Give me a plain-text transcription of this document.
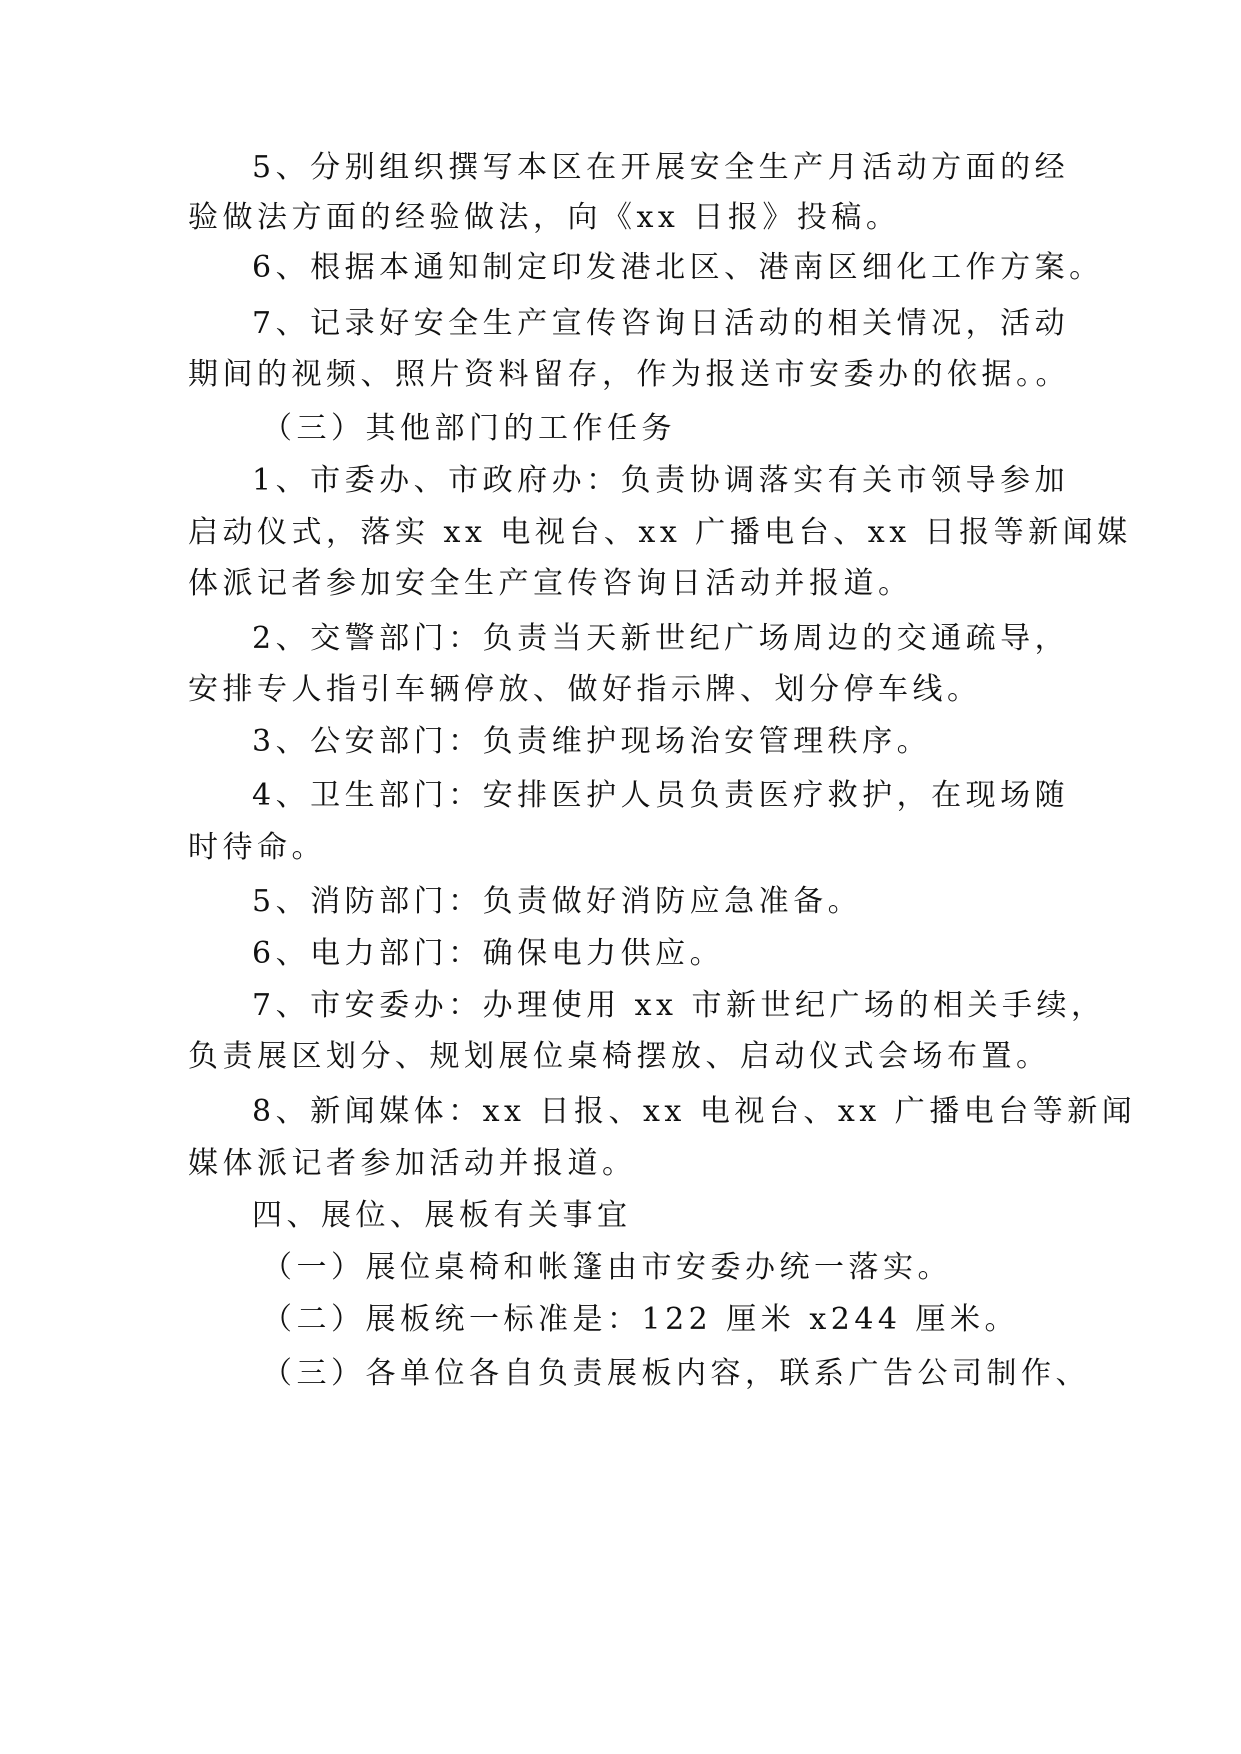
5、分别组织撰写本区在开展安全生产月活动方面的经
验做法方面的经验做法，向《xx 日报》投稿。
6、根据本通知制定印发港北区、港南区细化工作方案。
7、记录好安全生产宣传咨询日活动的相关情况，活动
期间的视频、照片资料留存，作为报送市安委办的依据。。
（三）其他部门的工作任务
1、市委办、市政府办：负责协调落实有关市领导参加
启动仪式，落实 xx 电视台、xx 广播电台、xx 日报等新闻媒
体派记者参加安全生产宣传咨询日活动并报道。
2、交警部门：负责当天新世纪广场周边的交通疏导，
安排专人指引车辆停放、做好指示牌、划分停车线。
3、公安部门：负责维护现场治安管理秩序。
4、卫生部门：安排医护人员负责医疗救护，在现场随
时待命。
5、消防部门：负责做好消防应急准备。
6、电力部门：确保电力供应。
7、市安委办：办理使用 xx 市新世纪广场的相关手续，
负责展区划分、规划展位桌椅摆放、启动仪式会场布置。
8、新闻媒体：xx 日报、xx 电视台、xx 广播电台等新闻
媒体派记者参加活动并报道。
四、展位、展板有关事宜
（一）展位桌椅和帐篷由市安委办统一落实。
（二）展板统一标准是：122 厘米 x244 厘米。
（三）各单位各自负责展板内容，联系广告公司制作、
